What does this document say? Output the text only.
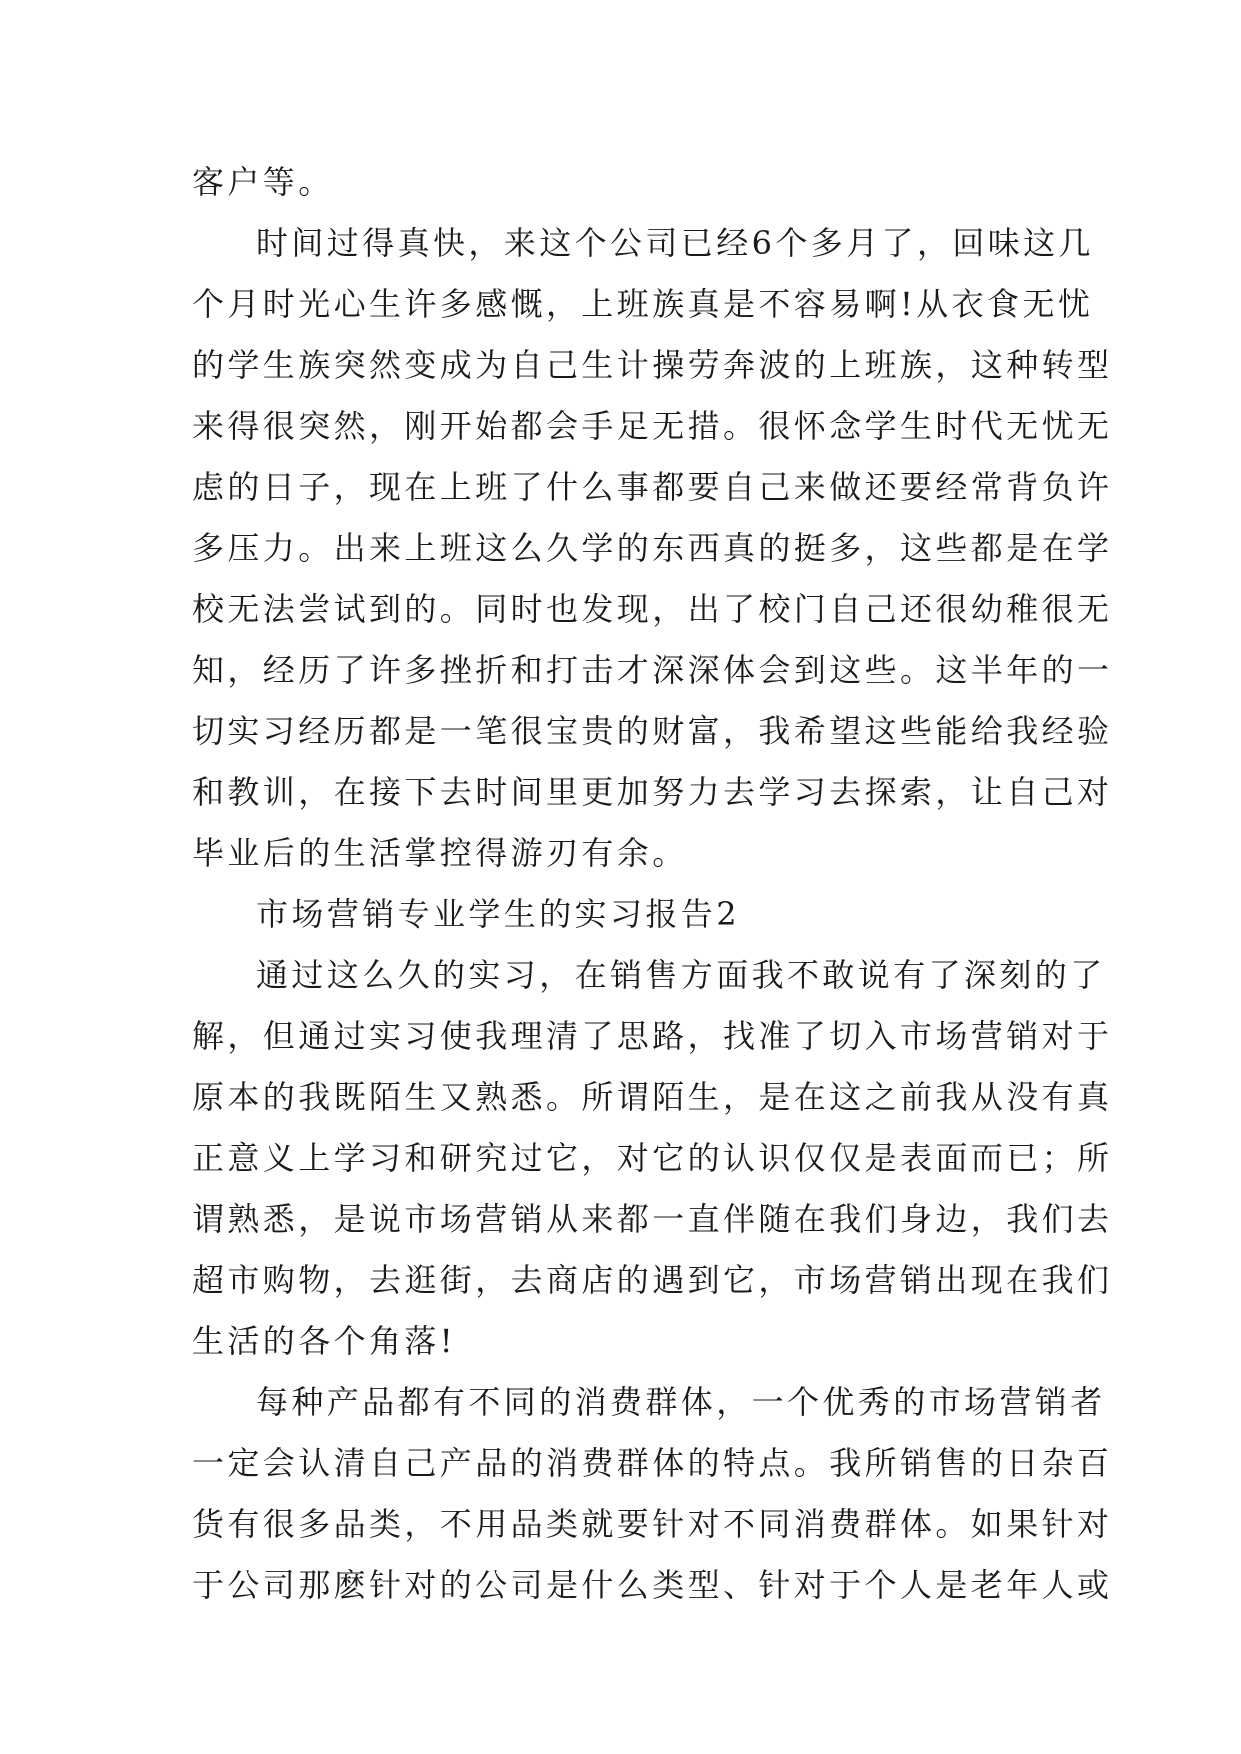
客户等。
时间过得真快，来这个公司已经6个多月了，回味这几
个月时光心生许多感慨，上班族真是不容易啊!从衣食无忧
的学生族突然变成为自己生计操劳奔波的上班族，这种转型
来得很突然，刚开始都会手足无措。很怀念学生时代无忧无
虑的日子，现在上班了什么事都要自己来做还要经常背负许
多压力。出来上班这么久学的东西真的挺多，这些都是在学
校无法尝试到的。同时也发现，出了校门自己还很幼稚很无
知，经历了许多挫折和打击才深深体会到这些。这半年的一
切实习经历都是一笔很宝贵的财富，我希望这些能给我经验
和教训，在接下去时间里更加努力去学习去探索，让自己对
毕业后的生活掌控得游刃有余。
市场营销专业学生的实习报告2
通过这么久的实习，在销售方面我不敢说有了深刻的了
解，但通过实习使我理清了思路，找准了切入市场营销对于
原本的我既陌生又熟悉。所谓陌生，是在这之前我从没有真
正意义上学习和研究过它，对它的认识仅仅是表面而已；所
谓熟悉，是说市场营销从来都一直伴随在我们身边，我们去
超市购物，去逛街，去商店的遇到它，市场营销出现在我们
生活的各个角落!
每种产品都有不同的消费群体，一个优秀的市场营销者
一定会认清自己产品的消费群体的特点。我所销售的日杂百
货有很多品类，不用品类就要针对不同消费群体。如果针对
于公司那麽针对的公司是什么类型、针对于个人是老年人或
